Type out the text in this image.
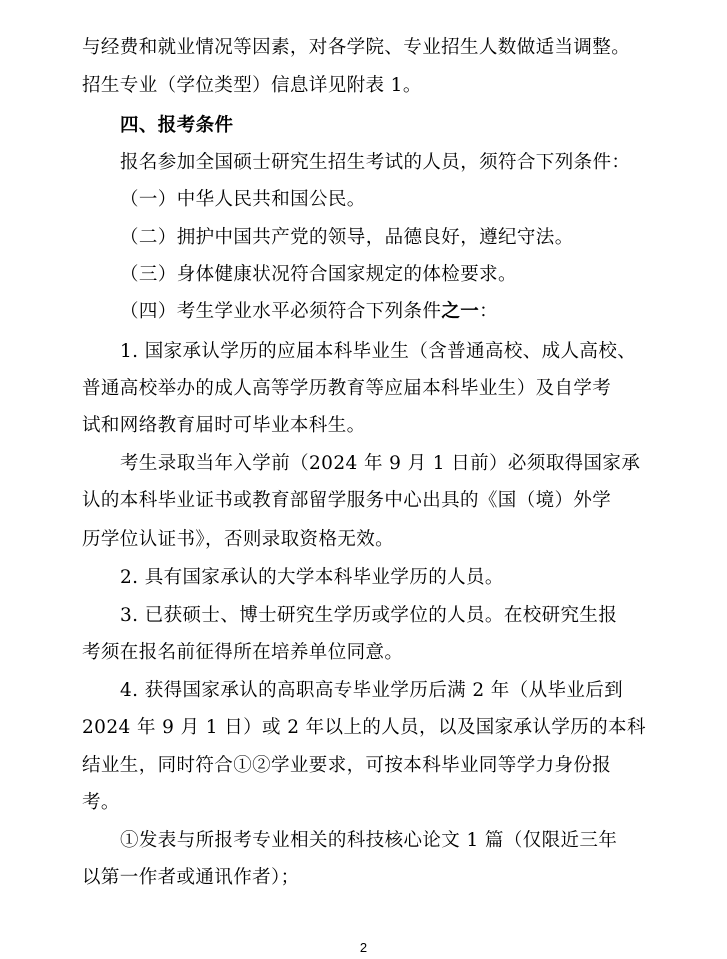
与经费和就业情况等因素，对各学院、专业招生人数做适当调整。
招生专业（学位类型）信息详见附表 1。
四、报考条件
报名参加全国硕士研究生招生考试的人员，须符合下列条件：
（一）中华人民共和国公民。
（二）拥护中国共产党的领导，品德良好，遵纪守法。
（三）身体健康状况符合国家规定的体检要求。
（四）考生学业水平必须符合下列条件之一：
1. 国家承认学历的应届本科毕业生（含普通高校、成人高校、
普通高校举办的成人高等学历教育等应届本科毕业生）及自学考
试和网络教育届时可毕业本科生。
考生录取当年入学前（2024 年 9 月 1 日前）必须取得国家承
认的本科毕业证书或教育部留学服务中心出具的《国（境）外学
历学位认证书》，否则录取资格无效。
2. 具有国家承认的大学本科毕业学历的人员。
3. 已获硕士、博士研究生学历或学位的人员。在校研究生报
考须在报名前征得所在培养单位同意。
4. 获得国家承认的高职高专毕业学历后满 2 年（从毕业后到
2024 年 9 月 1 日）或 2 年以上的人员，以及国家承认学历的本科
结业生，同时符合①②学业要求，可按本科毕业同等学力身份报
考。
①发表与所报考专业相关的科技核心论文 1 篇（仅限近三年
以第一作者或通讯作者）；
2
